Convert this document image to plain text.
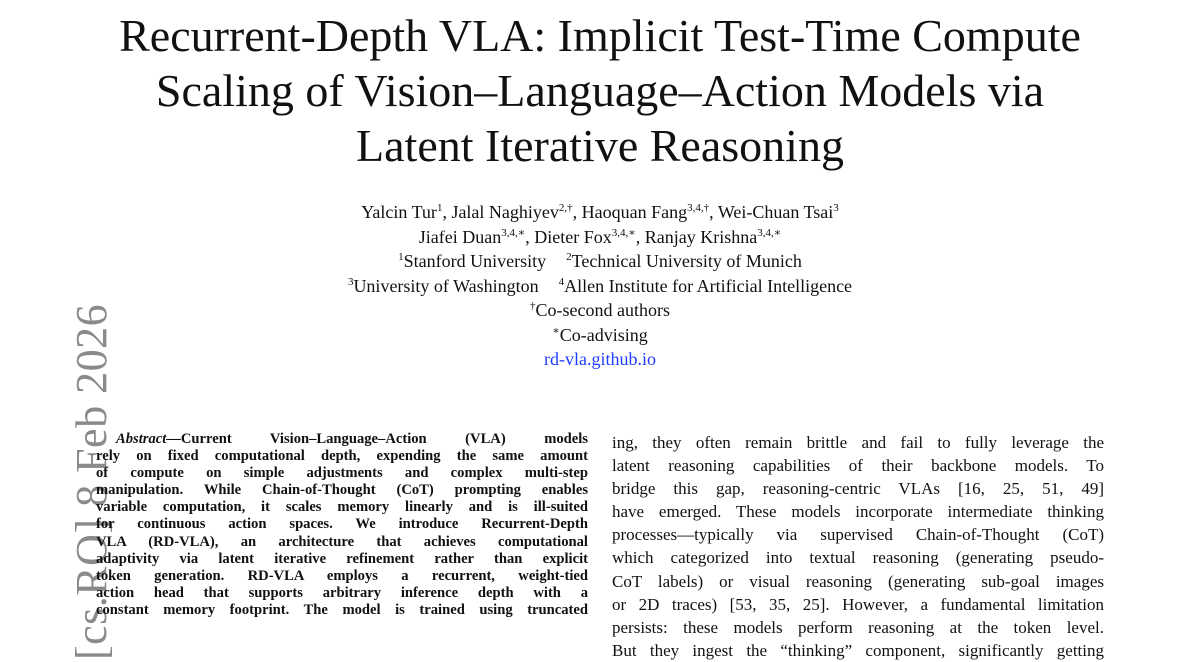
[cs.RO] 8 Feb 2026
Recurrent-Depth VLA: Implicit Test-Time Compute
Scaling of Vision–Language–Action Models via
Latent Iterative Reasoning
Yalcin Tur$^1$, Jalal Naghiyev$^{2,\dagger}$, Haoquan Fang$^{3,4,\dagger}$, Wei-Chuan Tsai$^3$
Jiafei Duan$^{3,4,∗}$, Dieter Fox$^{3,4,∗}$, Ranjay Krishna$^{3,4,∗}$
$^1$Stanford University $^2$Technical University of Munich
$^3$University of Washington $^4$Allen Institute for Artificial Intelligence
†Co-second authors
∗Co-advising
rd-vla.github.io
Abstract—Current Vision–Language–Action (VLA) models
rely on fixed computational depth, expending the same amount
of compute on simple adjustments and complex multi-step
manipulation. While Chain-of-Thought (CoT) prompting enables
variable computation, it scales memory linearly and is ill-suited
for continuous action spaces. We introduce Recurrent-Depth
VLA (RD-VLA), an architecture that achieves computational
adaptivity via latent iterative refinement rather than explicit
token generation. RD-VLA employs a recurrent, weight-tied
action head that supports arbitrary inference depth with a
constant memory footprint. The model is trained using truncated
ing, they often remain brittle and fail to fully leverage the
latent reasoning capabilities of their backbone models. To
bridge this gap, reasoning-centric VLAs [16, 25, 51, 49]
have emerged. These models incorporate intermediate thinking
processes—typically via supervised Chain-of-Thought (CoT)
which categorized into textual reasoning (generating pseudo-
CoT labels) or visual reasoning (generating sub-goal images
or 2D traces) [53, 35, 25]. However, a fundamental limitation
persists: these models perform reasoning at the token level.
But they ingest the “thinking” component, significantly getting
